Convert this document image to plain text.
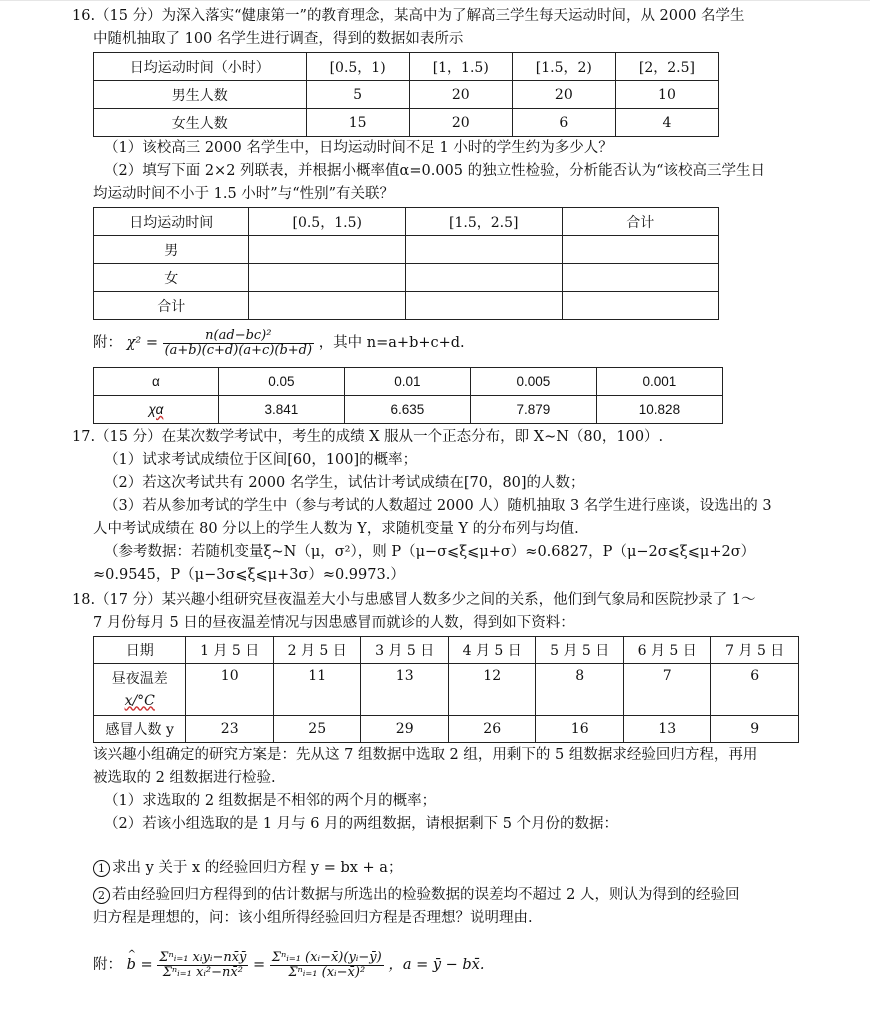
16.（15 分）为深入落实“健康第一”的教育理念，某高中为了解高三学生每天运动时间，从 2000 名学生
中随机抽取了 100 名学生进行调查，得到的数据如表所示
日均运动时间（小时）	[0.5，1)	[1，1.5)	[1.5，2)	[2，2.5]
男生人数	5	20	20	10
女生人数	15	20	6	4
（1）该校高三 2000 名学生中，日均运动时间不足 1 小时的学生约为多少人？
（2）填写下面 2×2 列联表，并根据小概率值α=0.005 的独立性检验，分析能否认为“该校高三学生日
均运动时间不小于 1.5 小时”与“性别”有关联？
日均运动时间	[0.5，1.5)	[1.5，2.5]	合计
男			
女			
合计			
附： $\chi^2 = \frac{\text{n(ad−bc)²}}{(a+b)(c+d)(a+c)(b+d)}$ ，其中 n=a+b+c+d.
α	0.05	0.01	0.005	0.001
χα	3.841	6.635	7.879	10.828
17.（15 分）在某次数学考试中，考生的成绩 X 服从一个正态分布，即 X∼N（80，100）.
（1）试求考试成绩位于区间[60，100]的概率；
（2）若这次考试共有 2000 名学生，试估计考试成绩在[70，80]的人数；
（3）若从参加考试的学生中（参与考试的人数超过 2000 人）随机抽取 3 名学生进行座谈，设选出的 3
人中考试成绩在 80 分以上的学生人数为 Y，求随机变量 Y 的分布列与均值.
（参考数据：若随机变量ξ~N（μ，σ²），则 P（μ−σ⩽ξ⩽μ+σ）≈0.6827，P（μ−2σ⩽ξ⩽μ+2σ）
≈0.9545，P（μ−3σ⩽ξ⩽μ+3σ）≈0.9973.）
18.（17 分）某兴趣小组研究昼夜温差大小与患感冒人数多少之间的关系，他们到气象局和医院抄录了 1～
7 月份每月 5 日的昼夜温差情况与因患感冒而就诊的人数，得到如下资料：
日期	1 月 5 日	2 月 5 日	3 月 5 日	4 月 5 日	5 月 5 日	6 月 5 日	7 月 5 日

昼夜温差
x/°C	10	11	13	12	8	7	6
感冒人数 y	23	25	29	26	16	13	9
该兴趣小组确定的研究方案是：先从这 7 组数据中选取 2 组，用剩下的 5 组数据求经验回归方程，再用
被选取的 2 组数据进行检验.
（1）求选取的 2 组数据是不相邻的两个月的概率；
（2）若该小组选取的是 1 月与 6 月的两组数据，请根据剩下 5 个月份的数据：
1 求出 y 关于 x 的经验回归方程 y = bx + a；
2 若由经验回归方程得到的估计数据与所选出的检验数据的误差均不超过 2 人，则认为得到的经验回
归方程是理想的，问：该小组所得经验回归方程是否理想？说明理由.
附： ^ $b = \frac{\text{Σⁿᵢ₌₁ xᵢyᵢ−nx̄ȳ}}{\text{Σⁿᵢ₌₁ xᵢ²−nx̄²}} = \frac{\text{Σⁿᵢ₌₁ (xᵢ−x̄)(yᵢ−ȳ)}}{\text{Σⁿᵢ₌₁ (xᵢ−x̄)²}}$ ，a = ȳ − bx̄.
